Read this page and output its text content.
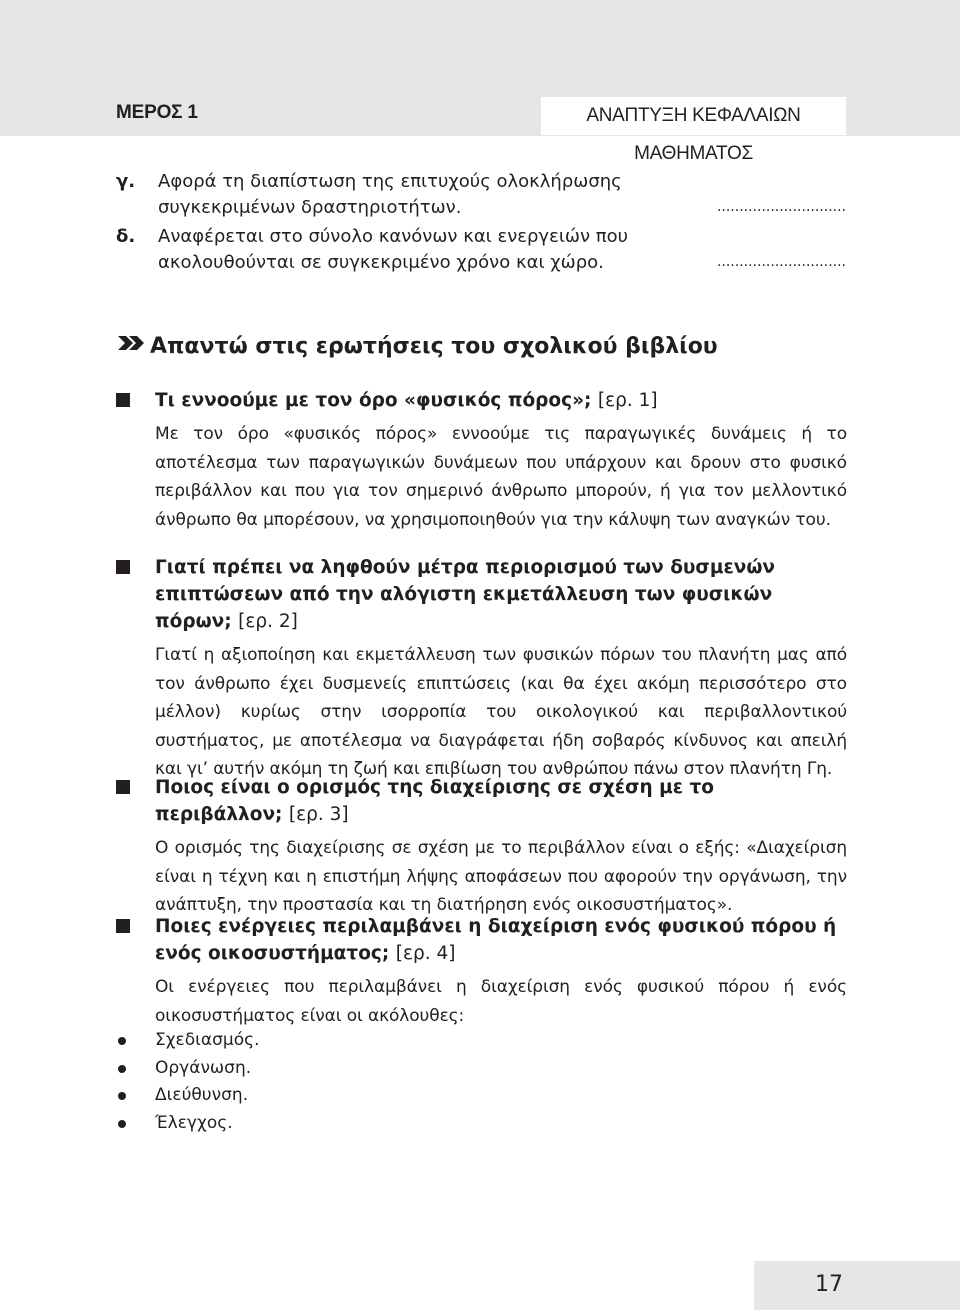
ΜΕΡΟΣ 1	ΑΝΑΠΤΥΞΗ ΚΕΦΑΛΑΙΩΝ ΜΑΘΗΜΑΤΟΣ
γ. Αφορά τη διαπίστωση της επιτυχούς ολοκλήρωσης
συγκεκριμένων δραστηριοτήτων.	.............................
δ. Αναφέρεται στο σύνολο κανόνων και ενεργειών που
ακολουθούνται σε συγκεκριμένο χρόνο και χώρο.	.............................
Απαντώ στις ερωτήσεις του σχολικού βιβλίου
Τι εννοούμε με τον όρο «φυσικός πόρος»; [ερ. 1]
Με τον όρο «φυσικός πόρος» εννοούμε τις παραγωγικές δυνάμεις ή το αποτέλεσμα των παραγωγικών δυνάμεων που υπάρχουν και δρουν στο φυσικό περιβάλλον και που για τον σημερινό άνθρωπο μπορούν, ή για τον μελλοντικό άνθρωπο θα μπορέσουν, να χρησιμοποιηθούν για την κάλυψη των αναγκών του.
Γιατί πρέπει να ληφθούν μέτρα περιορισμού των δυσμενών επιπτώσεων από την αλόγιστη εκμετάλλευση των φυσικών πόρων; [ερ. 2]
Γιατί η αξιοποίηση και εκμετάλλευση των φυσικών πόρων του πλανήτη μας από τον άνθρωπο έχει δυσμενείς επιπτώσεις (και θα έχει ακόμη περισσότερο στο μέλλον) κυρίως στην ισορροπία του οικολογικού και περιβαλλοντικού συστήματος, με αποτέλεσμα να διαγράφεται ήδη σοβαρός κίνδυνος και απειλή και γι’ αυτήν ακόμη τη ζωή και επιβίωση του ανθρώπου πάνω στον πλανήτη Γη.
Ποιος είναι ο ορισμός της διαχείρισης σε σχέση με το περιβάλλον; [ερ. 3]
Ο ορισμός της διαχείρισης σε σχέση με το περιβάλλον είναι ο εξής: «Διαχείριση είναι η τέχνη και η επιστήμη λήψης αποφάσεων που αφορούν την οργάνωση, την ανάπτυξη, την προστασία και τη διατήρηση ενός οικοσυστήματος».
Ποιες ενέργειες περιλαμβάνει η διαχείριση ενός φυσικού πόρου ή ενός οικοσυστήματος; [ερ. 4]
Οι ενέργειες που περιλαμβάνει η διαχείριση ενός φυσικού πόρου ή ενός οικοσυστήματος είναι οι ακόλουθες:
Σχεδιασμός.
Οργάνωση.
Διεύθυνση.
Έλεγχος.
17
